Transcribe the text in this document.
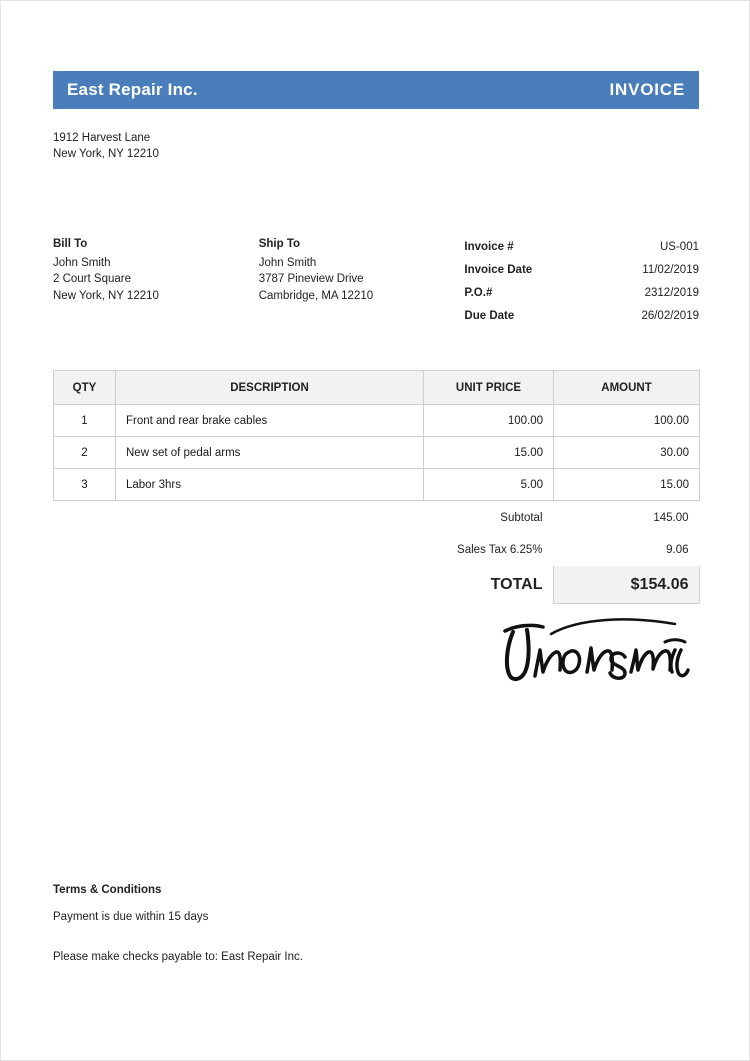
East Repair Inc.	INVOICE
1912 Harvest Lane
New York, NY 12210
Bill To
John Smith
2 Court Square
New York, NY 12210
Ship To
John Smith
3787 Pineview Drive
Cambridge, MA 12210
Invoice #	US-001
Invoice Date	11/02/2019
P.O.#	2312/2019
Due Date	26/02/2019
QTY	DESCRIPTION	UNIT PRICE	AMOUNT
1	Front and rear brake cables	100.00	100.00
2	New set of pedal arms	15.00	30.00
3	Labor 3hrs	5.00	15.00
	Subtotal	145.00
	Sales Tax 6.25%	9.06
	TOTAL	$154.06
Terms & Conditions
Payment is due within 15 days
Please make checks payable to: East Repair Inc.
